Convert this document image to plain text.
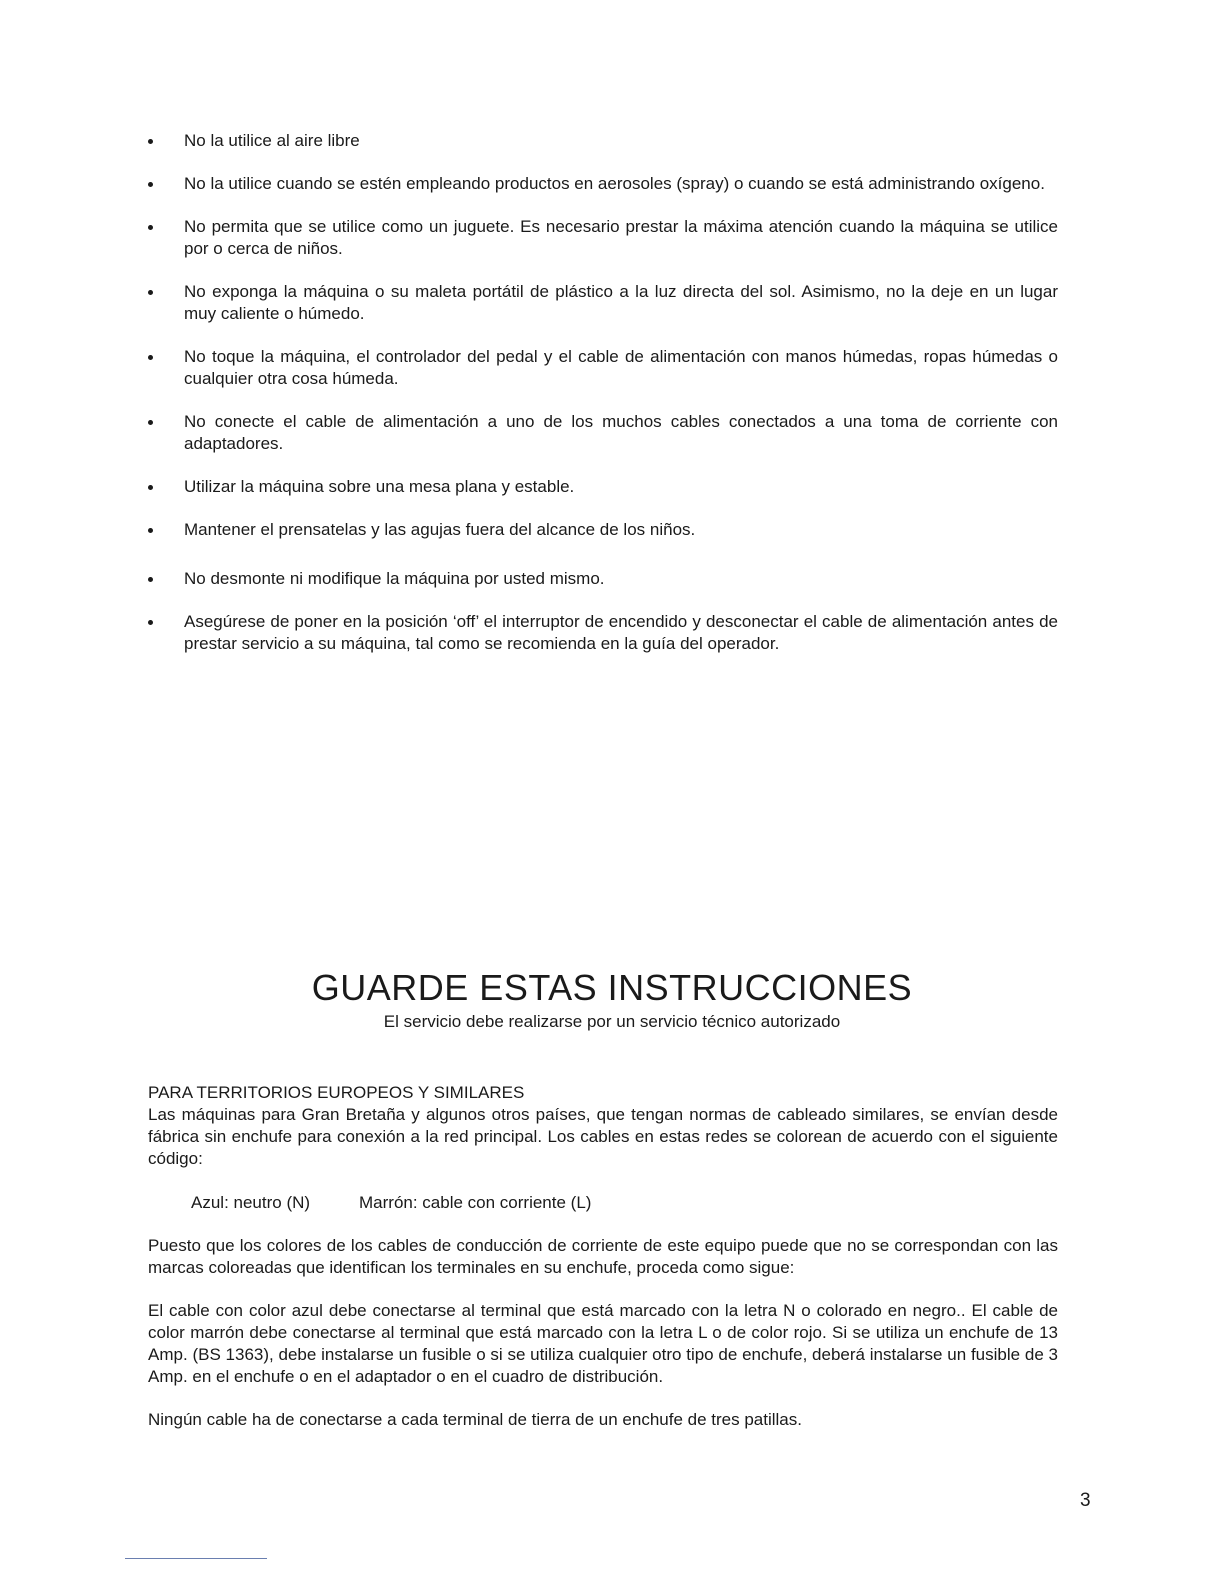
No la utilice al aire libre
No la utilice cuando se estén empleando productos en aerosoles (spray) o cuando se está administrando oxígeno.
No permita que se utilice como un juguete. Es necesario prestar la máxima atención cuando la máquina se utilice por o cerca de niños.
No exponga la máquina o su maleta portátil de plástico a la luz directa del sol. Asimismo, no la deje en un lugar muy caliente o húmedo.
No toque la máquina, el controlador del pedal y el cable de alimentación con manos húmedas, ropas húmedas o cualquier otra cosa húmeda.
No conecte el cable de alimentación a uno de los muchos cables conectados a una toma de corriente con adaptadores.
Utilizar la máquina sobre una mesa plana y estable.
Mantener el prensatelas y las agujas fuera del alcance de los niños.
No desmonte ni modifique la máquina por usted mismo.
Asegúrese de poner en la posición ‘off’ el interruptor de encendido y desconectar el cable de alimentación antes de prestar servicio a su máquina, tal como se recomienda en la guía del operador.
GUARDE ESTAS INSTRUCCIONES
El servicio debe realizarse por un servicio técnico autorizado
PARA TERRITORIOS EUROPEOS Y SIMILARES
Las máquinas para Gran Bretaña y algunos otros países, que tengan normas de cableado similares, se envían desde fábrica sin enchufe para conexión a la red principal. Los cables en estas redes se colorean de acuerdo con el siguiente código:
Azul: neutro (N)	Marrón: cable con corriente (L)
Puesto que los colores de los cables de conducción de corriente de este equipo puede que no se correspondan con las marcas coloreadas que identifican los terminales en su enchufe, proceda como sigue:
El cable con color azul debe conectarse al terminal que está marcado con la letra N o colorado en negro.. El cable de color marrón debe conectarse al terminal que está marcado con la letra L o de color rojo. Si se utiliza un enchufe de 13 Amp. (BS 1363), debe instalarse un fusible o si se utiliza cualquier otro tipo de enchufe, deberá instalarse un fusible de 3 Amp. en el enchufe o en el adaptador o en el cuadro de distribución.
Ningún cable ha de conectarse a cada terminal de tierra de un enchufe de tres patillas.
3
